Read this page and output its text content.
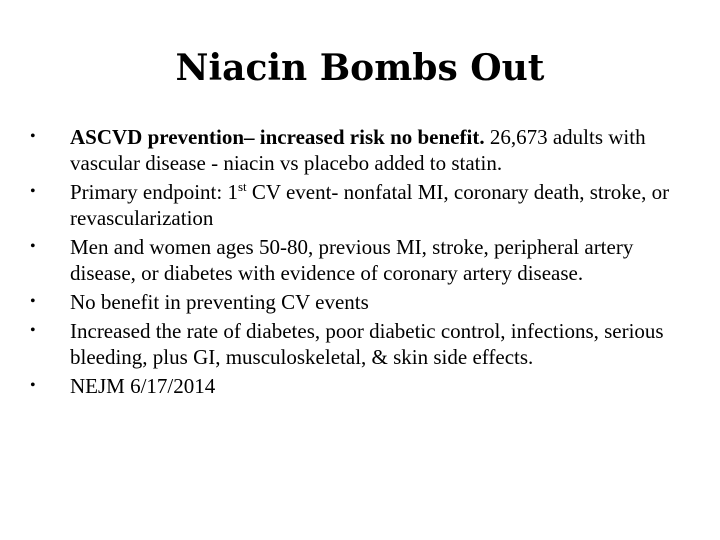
Niacin Bombs Out
• ASCVD prevention– increased risk no benefit. 26,673 adults with vascular disease - niacin vs placebo added to statin.
• Primary endpoint: 1st CV event- nonfatal MI, coronary death, stroke, or revascularization
• Men and women ages 50-80, previous MI, stroke, peripheral artery disease, or diabetes with evidence of coronary artery disease.
• No benefit in preventing CV events
• Increased the rate of diabetes, poor diabetic control, infections, serious bleeding, plus GI, musculoskeletal, & skin side effects.
• NEJM 6/17/2014
